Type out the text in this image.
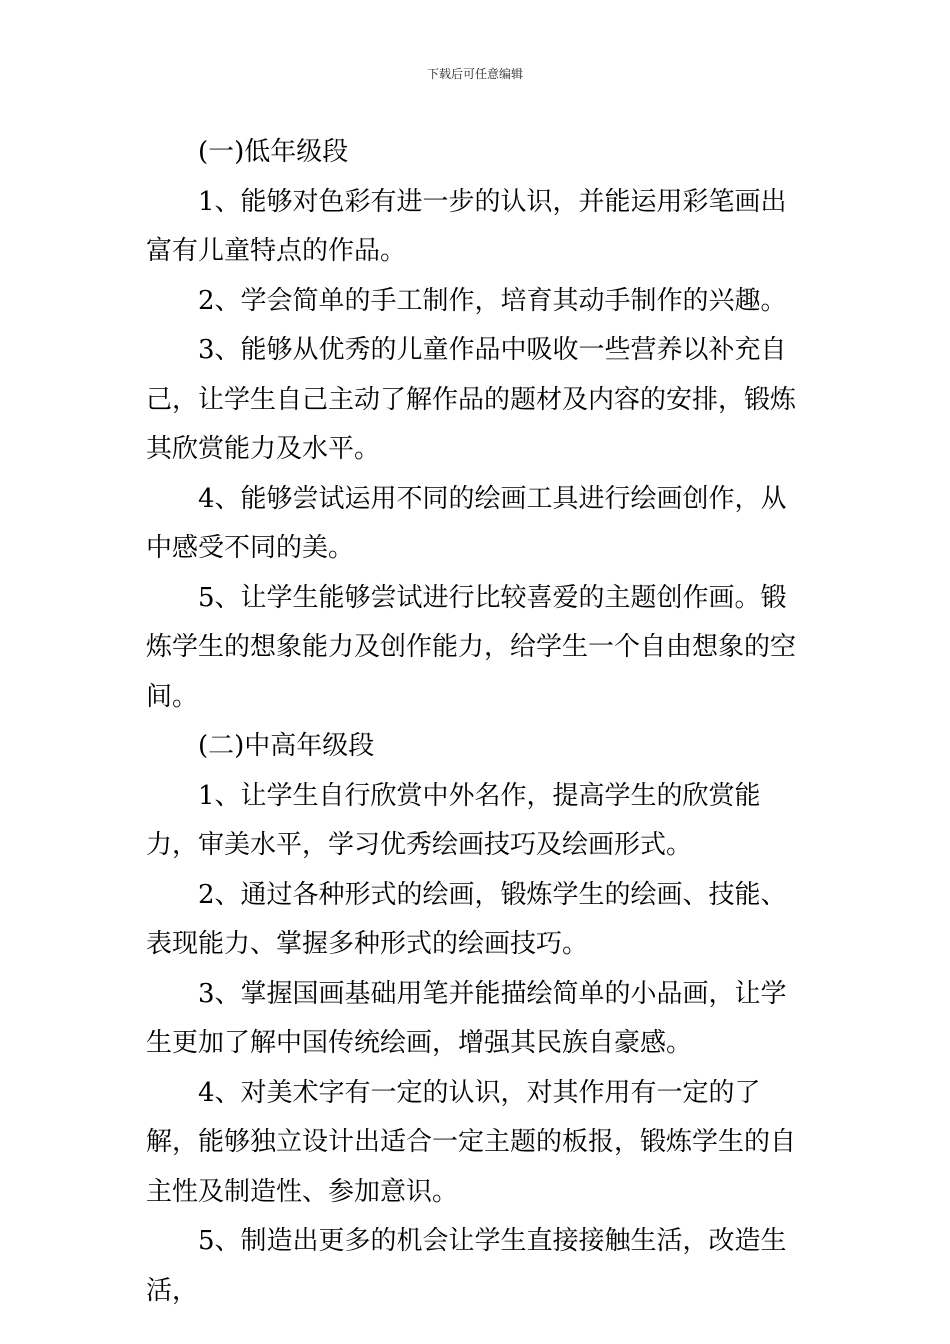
下载后可任意编辑

(一)低年级段

1、能够对色彩有进一步的认识，并能运用彩笔画出富有儿童特点的作品。

2、学会简单的手工制作，培育其动手制作的兴趣。

3、能够从优秀的儿童作品中吸收一些营养以补充自己，让学生自己主动了解作品的题材及内容的安排，锻炼其欣赏能力及水平。

4、能够尝试运用不同的绘画工具进行绘画创作，从中感受不同的美。

5、让学生能够尝试进行比较喜爱的主题创作画。锻炼学生的想象能力及创作能力，给学生一个自由想象的空间。

(二)中高年级段

1、让学生自行欣赏中外名作，提高学生的欣赏能力，审美水平，学习优秀绘画技巧及绘画形式。

2、通过各种形式的绘画，锻炼学生的绘画、技能、表现能力、掌握多种形式的绘画技巧。

3、掌握国画基础用笔并能描绘简单的小品画，让学生更加了解中国传统绘画，增强其民族自豪感。

4、对美术字有一定的认识，对其作用有一定的了解，能够独立设计出适合一定主题的板报，锻炼学生的自主性及制造性、参加意识。

5、制造出更多的机会让学生直接接触生活，改造生活，
